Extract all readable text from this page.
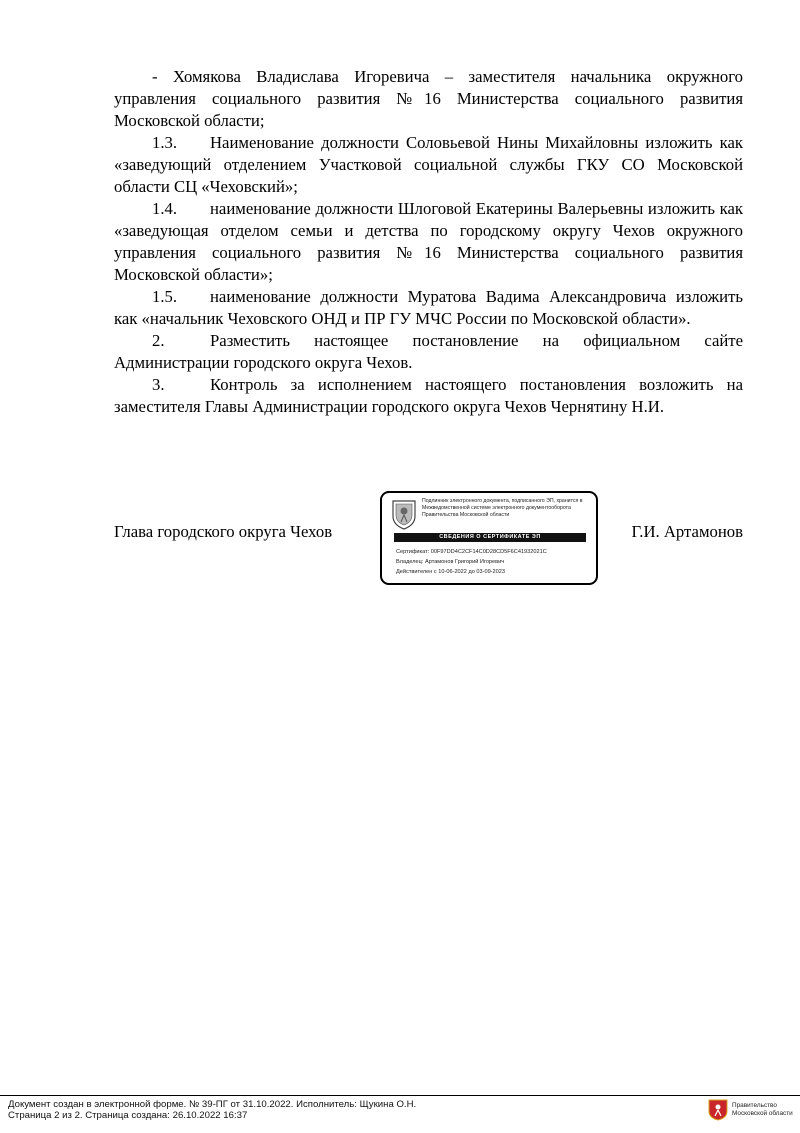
- Хомякова Владислава Игоревича – заместителя начальника окружного управления социального развития №16 Министерства социального развития Московской области;

1.3. Наименование должности Соловьевой Нины Михайловны изложить как «заведующий отделением Участковой социальной службы ГКУ СО Московской области СЦ «Чеховский»;

1.4. наименование должности Шлоговой Екатерины Валерьевны изложить как «заведующая отделом семьи и детства по городскому округу Чехов окружного управления социального развития №16 Министерства социального развития Московской области»;

1.5. наименование должности Муратова Вадима Александровича изложить как «начальник Чеховского ОНД и ПР ГУ МЧС России по Московской области».

2.	Разместить настоящее постановление на официальном сайте Администрации городского округа Чехов.

3.	Контроль за исполнением настоящего постановления возложить на заместителя Главы Администрации городского округа Чехов Чернятину Н.И.

Глава городского округа Чехов	Г.И. Артамонов
Подлинник электронного документа, подписанного ЭП, хранится в Межведомственной системе электронного документооборота Правительства Московской области
СВЕДЕНИЯ О СЕРТИФИКАТЕ ЭП
Сертификат: 00F97DD4C2CF14C0D28CD5F6C41932021C
Владелец: Артамонов Григорий Игоревич
Действителен с 10-06-2022 до 03-09-2023
Документ создан в электронной форме. № 39-ПГ от 31.10.2022. Исполнитель: Щукина О.Н.
Страница 2 из 2. Страница создана: 26.10.2022 16:37
Правительство
Московской области
